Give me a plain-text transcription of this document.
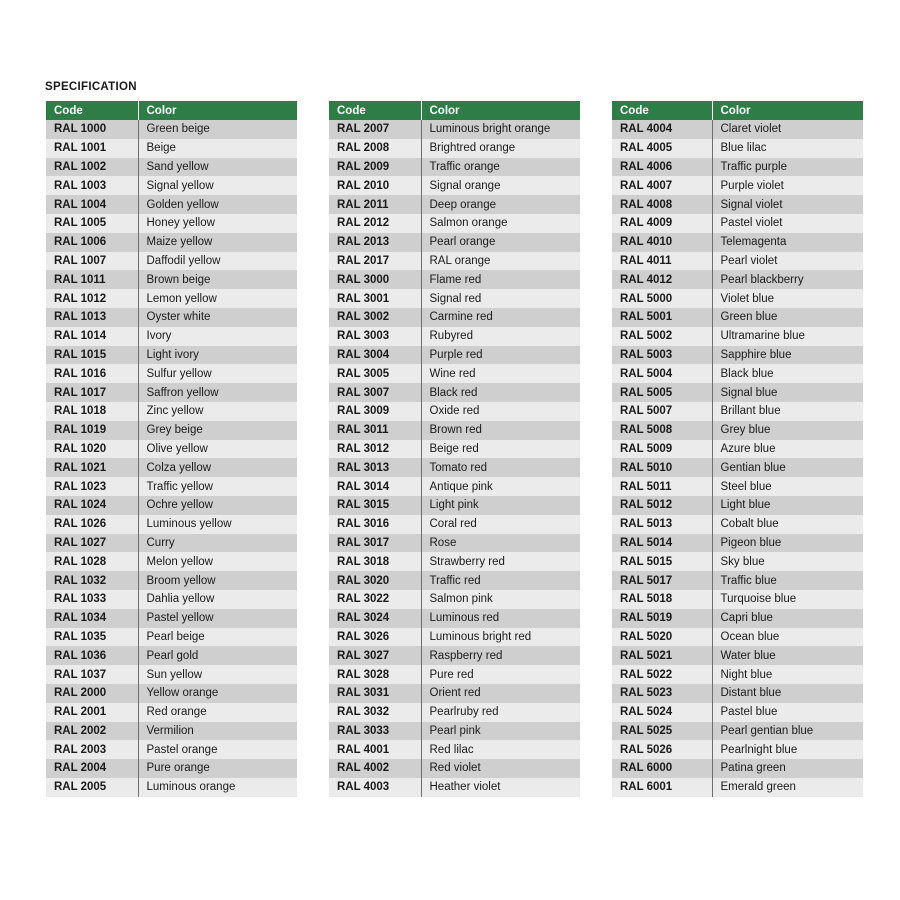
SPECIFICATION
Code	Color
RAL 1000	Green beige
RAL 1001	Beige
RAL 1002	Sand yellow
RAL 1003	Signal yellow
RAL 1004	Golden yellow
RAL 1005	Honey yellow
RAL 1006	Maize yellow
RAL 1007	Daffodil yellow
RAL 1011	Brown beige
RAL 1012	Lemon yellow
RAL 1013	Oyster white
RAL 1014	Ivory
RAL 1015	Light ivory
RAL 1016	Sulfur yellow
RAL 1017	Saffron yellow
RAL 1018	Zinc yellow
RAL 1019	Grey beige
RAL 1020	Olive yellow
RAL 1021	Colza yellow
RAL 1023	Traffic yellow
RAL 1024	Ochre yellow
RAL 1026	Luminous yellow
RAL 1027	Curry
RAL 1028	Melon yellow
RAL 1032	Broom yellow
RAL 1033	Dahlia yellow
RAL 1034	Pastel yellow
RAL 1035	Pearl beige
RAL 1036	Pearl gold
RAL 1037	Sun yellow
RAL 2000	Yellow orange
RAL 2001	Red orange
RAL 2002	Vermilion
RAL 2003	Pastel orange
RAL 2004	Pure orange
RAL 2005	Luminous orange
Code	Color
RAL 2007	Luminous bright orange
RAL 2008	Brightred orange
RAL 2009	Traffic orange
RAL 2010	Signal orange
RAL 2011	Deep orange
RAL 2012	Salmon orange
RAL 2013	Pearl orange
RAL 2017	RAL orange
RAL 3000	Flame red
RAL 3001	Signal red
RAL 3002	Carmine red
RAL 3003	Rubyred
RAL 3004	Purple red
RAL 3005	Wine red
RAL 3007	Black red
RAL 3009	Oxide red
RAL 3011	Brown red
RAL 3012	Beige red
RAL 3013	Tomato red
RAL 3014	Antique pink
RAL 3015	Light pink
RAL 3016	Coral red
RAL 3017	Rose
RAL 3018	Strawberry red
RAL 3020	Traffic red
RAL 3022	Salmon pink
RAL 3024	Luminous red
RAL 3026	Luminous bright red
RAL 3027	Raspberry red
RAL 3028	Pure red
RAL 3031	Orient red
RAL 3032	Pearlruby red
RAL 3033	Pearl pink
RAL 4001	Red lilac
RAL 4002	Red violet
RAL 4003	Heather violet
Code	Color
RAL 4004	Claret violet
RAL 4005	Blue lilac
RAL 4006	Traffic purple
RAL 4007	Purple violet
RAL 4008	Signal violet
RAL 4009	Pastel violet
RAL 4010	Telemagenta
RAL 4011	Pearl violet
RAL 4012	Pearl blackberry
RAL 5000	Violet blue
RAL 5001	Green blue
RAL 5002	Ultramarine blue
RAL 5003	Sapphire blue
RAL 5004	Black blue
RAL 5005	Signal blue
RAL 5007	Brillant blue
RAL 5008	Grey blue
RAL 5009	Azure blue
RAL 5010	Gentian blue
RAL 5011	Steel blue
RAL 5012	Light blue
RAL 5013	Cobalt blue
RAL 5014	Pigeon blue
RAL 5015	Sky blue
RAL 5017	Traffic blue
RAL 5018	Turquoise blue
RAL 5019	Capri blue
RAL 5020	Ocean blue
RAL 5021	Water blue
RAL 5022	Night blue
RAL 5023	Distant blue
RAL 5024	Pastel blue
RAL 5025	Pearl gentian blue
RAL 5026	Pearlnight blue
RAL 6000	Patina green
RAL 6001	Emerald green
